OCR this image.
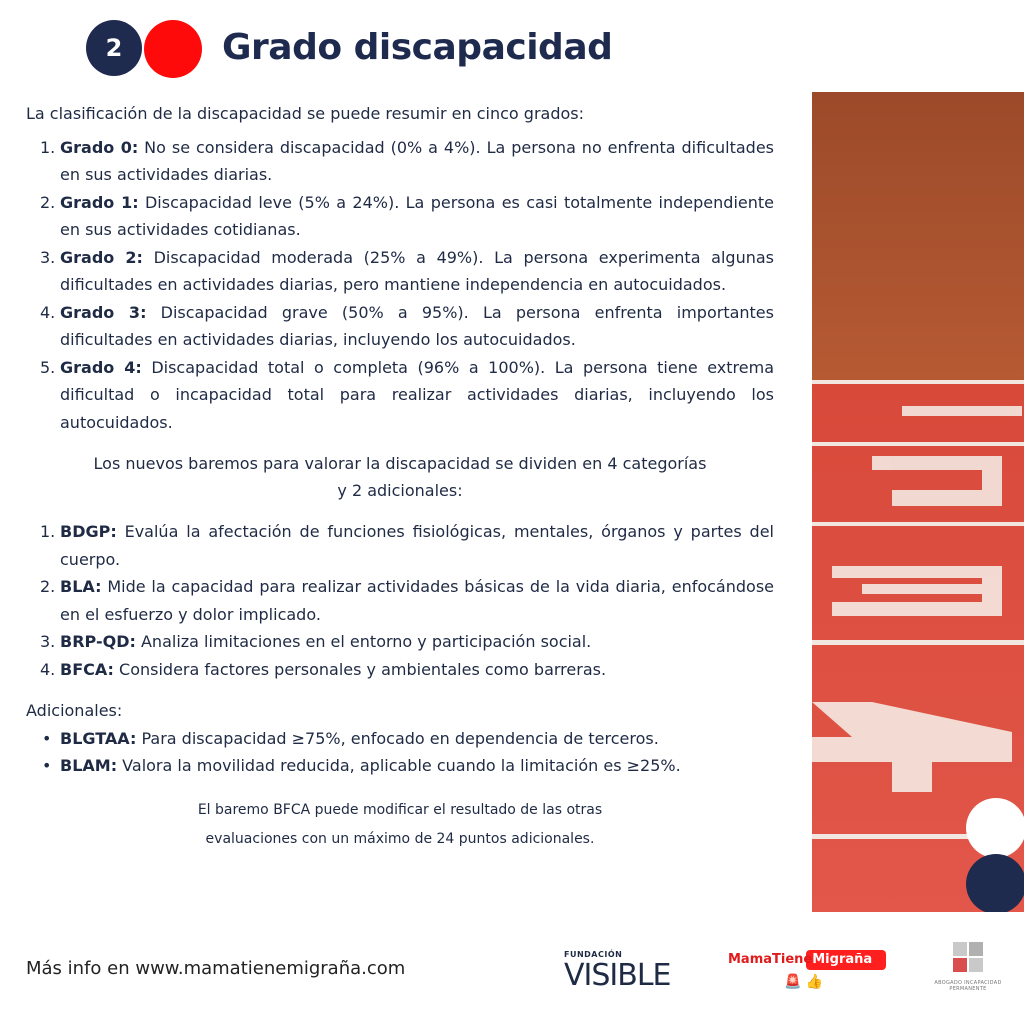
2	Grado discapacidad

La clasificación de la discapacidad se puede resumir en cinco grados:

1. Grado 0: No se considera discapacidad (0% a 4%). La persona no enfrenta dificultades en sus actividades diarias.
2. Grado 1: Discapacidad leve (5% a 24%). La persona es casi totalmente independiente en sus actividades cotidianas.
3. Grado 2: Discapacidad moderada (25% a 49%). La persona experimenta algunas dificultades en actividades diarias, pero mantiene independencia en autocuidados.
4. Grado 3: Discapacidad grave (50% a 95%). La persona enfrenta importantes dificultades en actividades diarias, incluyendo los autocuidados.
5. Grado 4: Discapacidad total o completa (96% a 100%). La persona tiene extrema dificultad o incapacidad total para realizar actividades diarias, incluyendo los autocuidados.
Los nuevos baremos para valorar la discapacidad se dividen en 4 categorías
y 2 adicionales:
1. BDGP: Evalúa la afectación de funciones fisiológicas, mentales, órganos y partes del cuerpo.
2. BLA: Mide la capacidad para realizar actividades básicas de la vida diaria, enfocándose en el esfuerzo y dolor implicado.
3. BRP-QD: Analiza limitaciones en el entorno y participación social.
4. BFCA: Considera factores personales y ambientales como barreras.

Adicionales:

• BLGTAA: Para discapacidad ≥75%, enfocado en dependencia de terceros.
• BLAM: Valora la movilidad reducida, aplicable cuando la limitación es ≥25%.
El baremo BFCA puede modificar el resultado de las otras
evaluaciones con un máximo de 24 puntos adicionales.
Más info en www.mamatienemigraña.com
FUNDACIÓN
VISIBLE	MamaTieneMigraña
🚨 👍	ABOGADO INCAPACIDAD PERMANENTE
